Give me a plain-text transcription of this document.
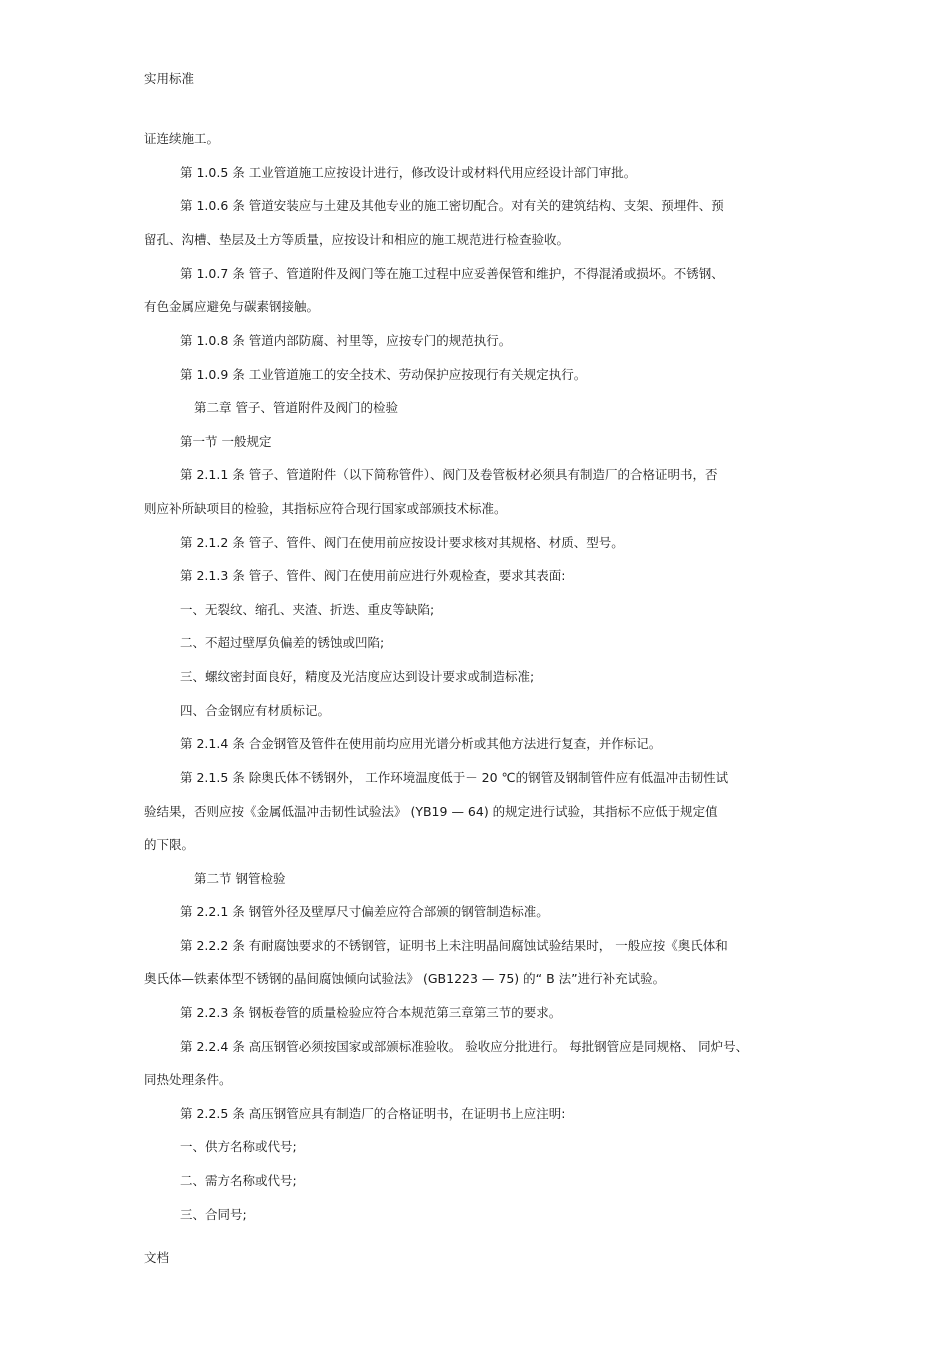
实用标准
证连续施工。
第 1.0.5 条 工业管道施工应按设计进行，修改设计或材料代用应经设计部门审批。
第 1.0.6 条 管道安装应与土建及其他专业的施工密切配合。对有关的建筑结构、支架、预埋件、预
留孔、沟槽、垫层及土方等质量，应按设计和相应的施工规范进行检查验收。
第 1.0.7 条 管子、管道附件及阀门等在施工过程中应妥善保管和维护，不得混淆或损坏。不锈钢、
有色金属应避免与碳素钢接触。
第 1.0.8 条 管道内部防腐、衬里等，应按专门的规范执行。
第 1.0.9 条 工业管道施工的安全技术、劳动保护应按现行有关规定执行。
第二章 管子、管道附件及阀门的检验
第一节 一般规定
第 2.1.1 条 管子、管道附件（以下简称管件）、阀门及卷管板材必须具有制造厂的合格证明书，否
则应补所缺项目的检验，其指标应符合现行国家或部颁技术标准。
第 2.1.2 条 管子、管件、阀门在使用前应按设计要求核对其规格、材质、型号。
第 2.1.3 条 管子、管件、阀门在使用前应进行外观检查，要求其表面:
一、无裂纹、缩孔、夹渣、折迭、重皮等缺陷;
二、不超过壁厚负偏差的锈蚀或凹陷;
三、螺纹密封面良好，精度及光洁度应达到设计要求或制造标准;
四、合金钢应有材质标记。
第 2.1.4 条 合金钢管及管件在使用前均应用光谱分析或其他方法进行复查，并作标记。
第 2.1.5 条 除奥氏体不锈钢外， 工作环境温度低于－ 20 ℃的钢管及钢制管件应有低温冲击韧性试
验结果，否则应按《金属低温冲击韧性试验法》 (YB19 — 64) 的规定进行试验，其指标不应低于规定值
的下限。
第二节 钢管检验
第 2.2.1 条 钢管外径及壁厚尺寸偏差应符合部颁的钢管制造标准。
第 2.2.2 条 有耐腐蚀要求的不锈钢管，证明书上未注明晶间腐蚀试验结果时， 一般应按《奥氏体和
奥氏体—铁素体型不锈钢的晶间腐蚀倾向试验法》 (GB1223 — 75) 的“ B 法”进行补充试验。
第 2.2.3 条 钢板卷管的质量检验应符合本规范第三章第三节的要求。
第 2.2.4 条 高压钢管必须按国家或部颁标准验收。 验收应分批进行。 每批钢管应是同规格、 同炉号、
同热处理条件。
第 2.2.5 条 高压钢管应具有制造厂的合格证明书，在证明书上应注明:
一、供方名称或代号;
二、需方名称或代号;
三、合同号;
文档
